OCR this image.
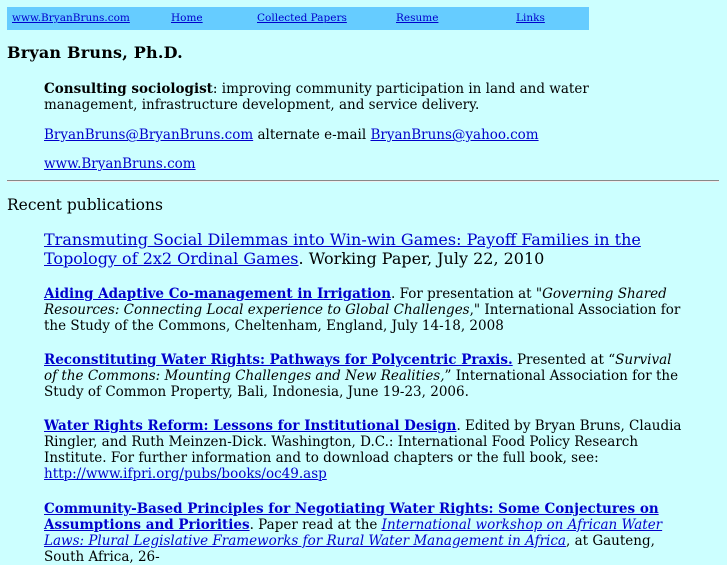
www.BryanBruns.com	Home	Collected Papers	Resume	Links
Bryan Bruns, Ph.D.
Consulting sociologist: improving community participation in land and water management, infrastructure development, and service delivery.
BryanBruns@BryanBruns.com alternate e-mail BryanBruns@yahoo.com
www.BryanBruns.com
Recent publications
Transmuting Social Dilemmas into Win-win Games: Payoff Families in the Topology of 2x2 Ordinal Games. Working Paper, July 22, 2010
Aiding Adaptive Co-management in Irrigation. For presentation at "Governing Shared Resources: Connecting Local experience to Global Challenges," International Association for the Study of the Commons, Cheltenham, England, July 14-18, 2008
Reconstituting Water Rights: Pathways for Polycentric Praxis. Presented at “Survival of the Commons: Mounting Challenges and New Realities,” International Association for the Study of Common Property, Bali, Indonesia, June 19-23, 2006.
Water Rights Reform: Lessons for Institutional Design. Edited by Bryan Bruns, Claudia Ringler, and Ruth Meinzen-Dick. Washington, D.C.: International Food Policy Research Institute. For further information and to download chapters or the full book, see: http://www.ifpri.org/pubs/books/oc49.asp
Community-Based Principles for Negotiating Water Rights: Some Conjectures on Assumptions and Priorities. Paper read at the International workshop on African Water Laws: Plural Legislative Frameworks for Rural Water Management in Africa, at Gauteng, South Africa, 26-
